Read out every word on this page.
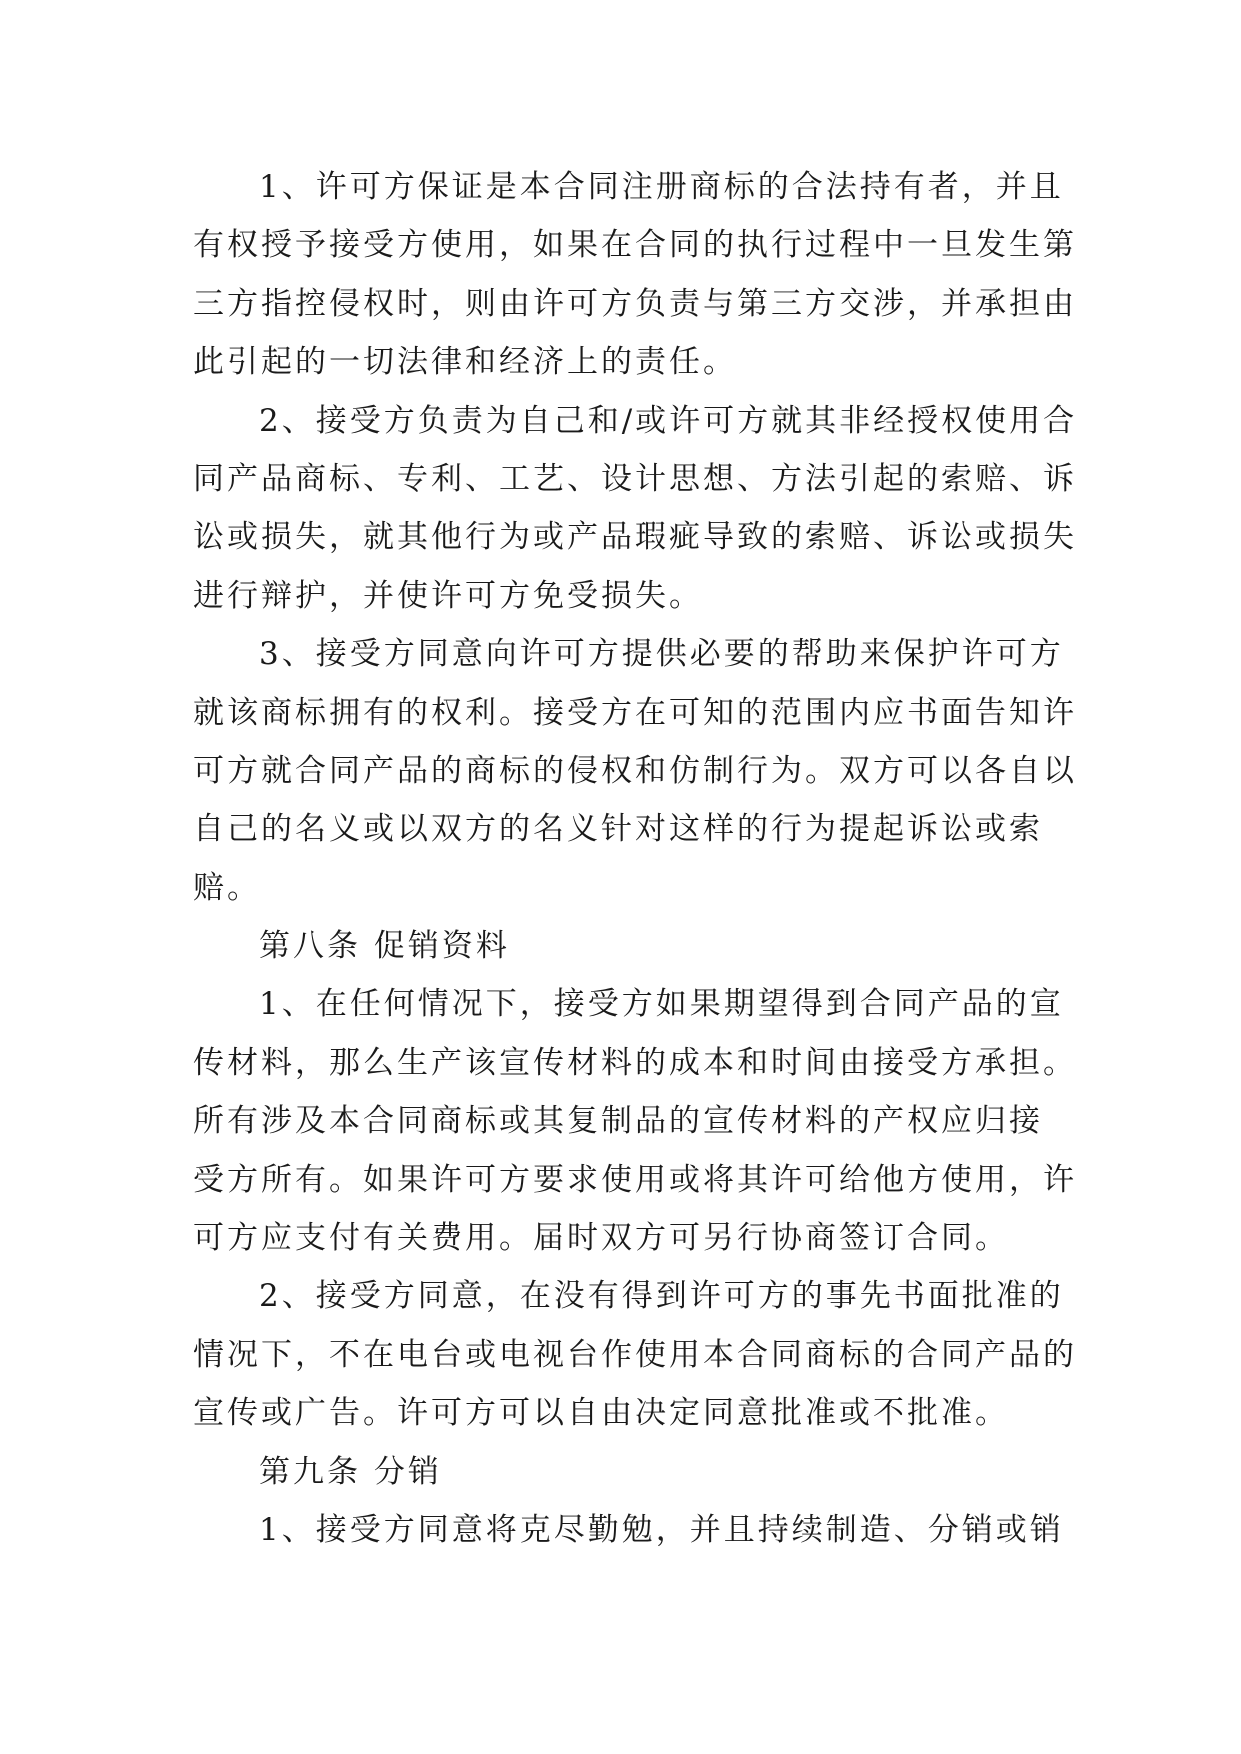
1、许可方保证是本合同注册商标的合法持有者，并且
有权授予接受方使用，如果在合同的执行过程中一旦发生第
三方指控侵权时，则由许可方负责与第三方交涉，并承担由
此引起的一切法律和经济上的责任。
2、接受方负责为自己和/或许可方就其非经授权使用合
同产品商标、专利、工艺、设计思想、方法引起的索赔、诉
讼或损失，就其他行为或产品瑕疵导致的索赔、诉讼或损失
进行辩护，并使许可方免受损失。
3、接受方同意向许可方提供必要的帮助来保护许可方
就该商标拥有的权利。接受方在可知的范围内应书面告知许
可方就合同产品的商标的侵权和仿制行为。双方可以各自以
自己的名义或以双方的名义针对这样的行为提起诉讼或索
赔。
第八条 促销资料
1、在任何情况下，接受方如果期望得到合同产品的宣
传材料，那么生产该宣传材料的成本和时间由接受方承担。
所有涉及本合同商标或其复制品的宣传材料的产权应归接
受方所有。如果许可方要求使用或将其许可给他方使用，许
可方应支付有关费用。届时双方可另行协商签订合同。
2、接受方同意，在没有得到许可方的事先书面批准的
情况下，不在电台或电视台作使用本合同商标的合同产品的
宣传或广告。许可方可以自由决定同意批准或不批准。
第九条 分销
1、接受方同意将克尽勤勉，并且持续制造、分销或销
